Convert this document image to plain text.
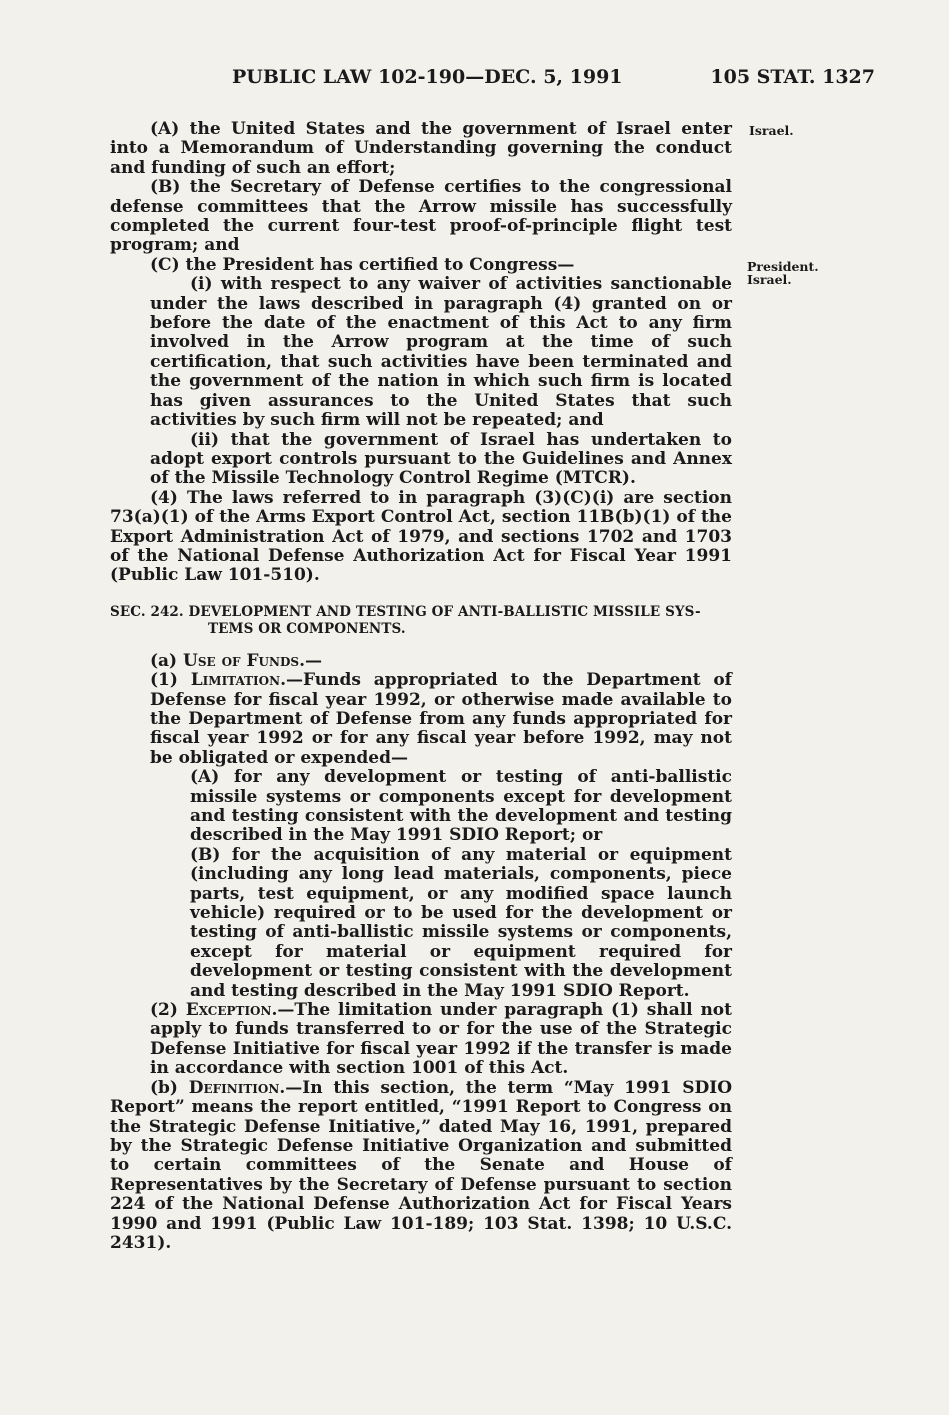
PUBLIC LAW 102-190—DEC. 5, 1991	105 STAT. 1327
Israel.
President.
Israel.

(A) the United States and the government of Israel enter into a Memorandum of Understanding governing the conduct and funding of such an effort;

(B) the Secretary of Defense certifies to the congressional defense committees that the Arrow missile has successfully completed the current four-test proof-of-principle flight test program; and

(C) the President has certified to Congress—

(i) with respect to any waiver of activities sanctionable under the laws described in paragraph (4) granted on or before the date of the enactment of this Act to any firm involved in the Arrow program at the time of such certification, that such activities have been terminated and the government of the nation in which such firm is located has given assurances to the United States that such activities by such firm will not be repeated; and

(ii) that the government of Israel has undertaken to adopt export controls pursuant to the Guidelines and Annex of the Missile Technology Control Regime (MTCR).

(4) The laws referred to in paragraph (3)(C)(i) are section 73(a)(1) of the Arms Export Control Act, section 11B(b)(1) of the Export Administration Act of 1979, and sections 1702 and 1703 of the National Defense Authorization Act for Fiscal Year 1991 (Public Law 101-510).

SEC. 242. DEVELOPMENT AND TESTING OF ANTI-BALLISTIC MISSILE SYS-
TEMS OR COMPONENTS.

(a) Use of Funds.—

(1) Limitation.—Funds appropriated to the Department of Defense for fiscal year 1992, or otherwise made available to the Department of Defense from any funds appropriated for fiscal year 1992 or for any fiscal year before 1992, may not be obligated or expended—

(A) for any development or testing of anti-ballistic missile systems or components except for development and testing consistent with the development and testing described in the May 1991 SDIO Report; or

(B) for the acquisition of any material or equipment (including any long lead materials, components, piece parts, test equipment, or any modified space launch vehicle) required or to be used for the development or testing of anti-ballistic missile systems or components, except for material or equipment required for development or testing consistent with the development and testing described in the May 1991 SDIO Report.

(2) Exception.—The limitation under paragraph (1) shall not apply to funds transferred to or for the use of the Strategic Defense Initiative for fiscal year 1992 if the transfer is made in accordance with section 1001 of this Act.

(b) Definition.—In this section, the term “May 1991 SDIO Report” means the report entitled, “1991 Report to Congress on the Strategic Defense Initiative,” dated May 16, 1991, prepared by the Strategic Defense Initiative Organization and submitted to certain committees of the Senate and House of Representatives by the Secretary of Defense pursuant to section 224 of the National Defense Authorization Act for Fiscal Years 1990 and 1991 (Public Law 101-189; 103 Stat. 1398; 10 U.S.C. 2431).
